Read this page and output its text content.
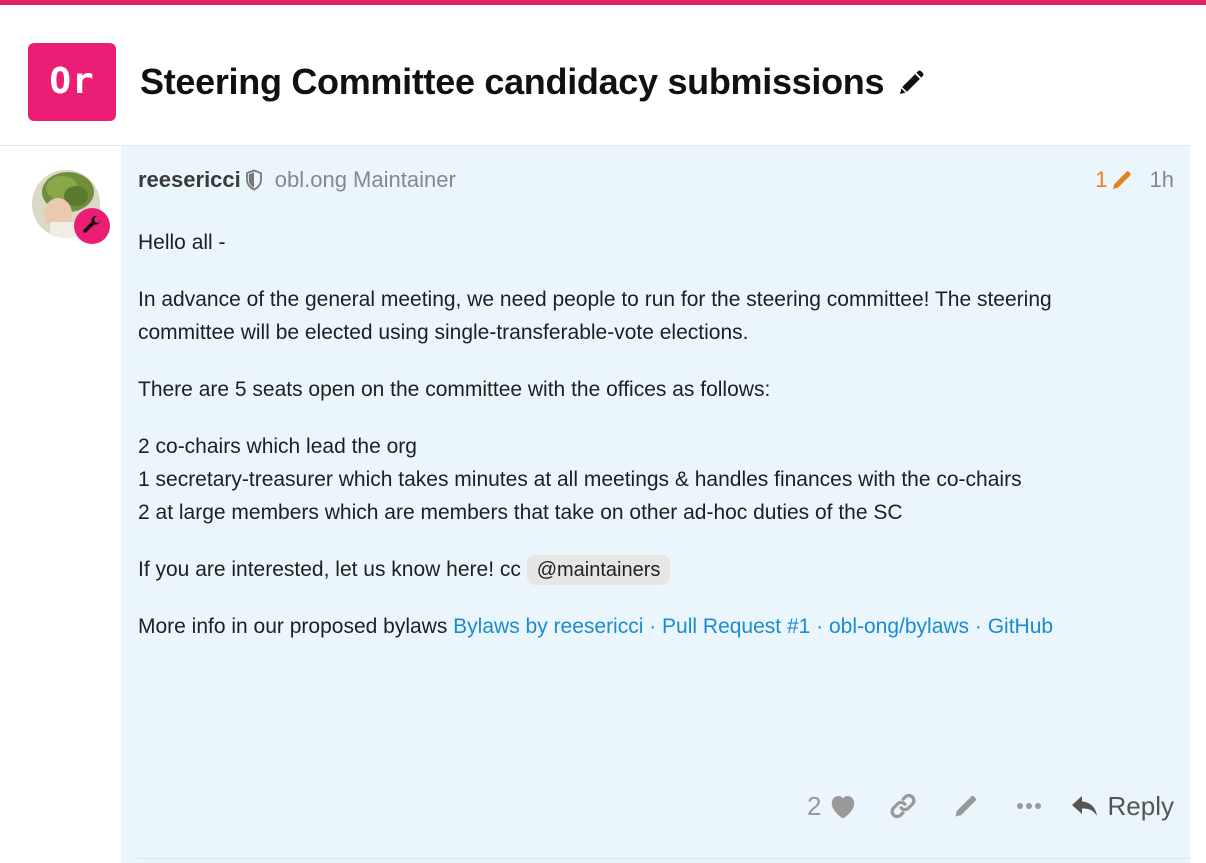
Or	Steering Committee candidacy submissions
reesericci obl.ong Maintainer	1 1h

Hello all -

In advance of the general meeting, we need people to run for the steering committee! The steering committee will be elected using single-transferable-vote elections.

There are 5 seats open on the committee with the offices as follows:

2 co-chairs which lead the org
1 secretary-treasurer which takes minutes at all meetings & handles finances with the co-chairs
2 at large members which are members that take on other ad-hoc duties of the SC

If you are interested, let us know here! cc @maintainers

More info in our proposed bylaws Bylaws by reesericci · Pull Request #1 · obl-ong/bylaws · GitHub

2	Reply
